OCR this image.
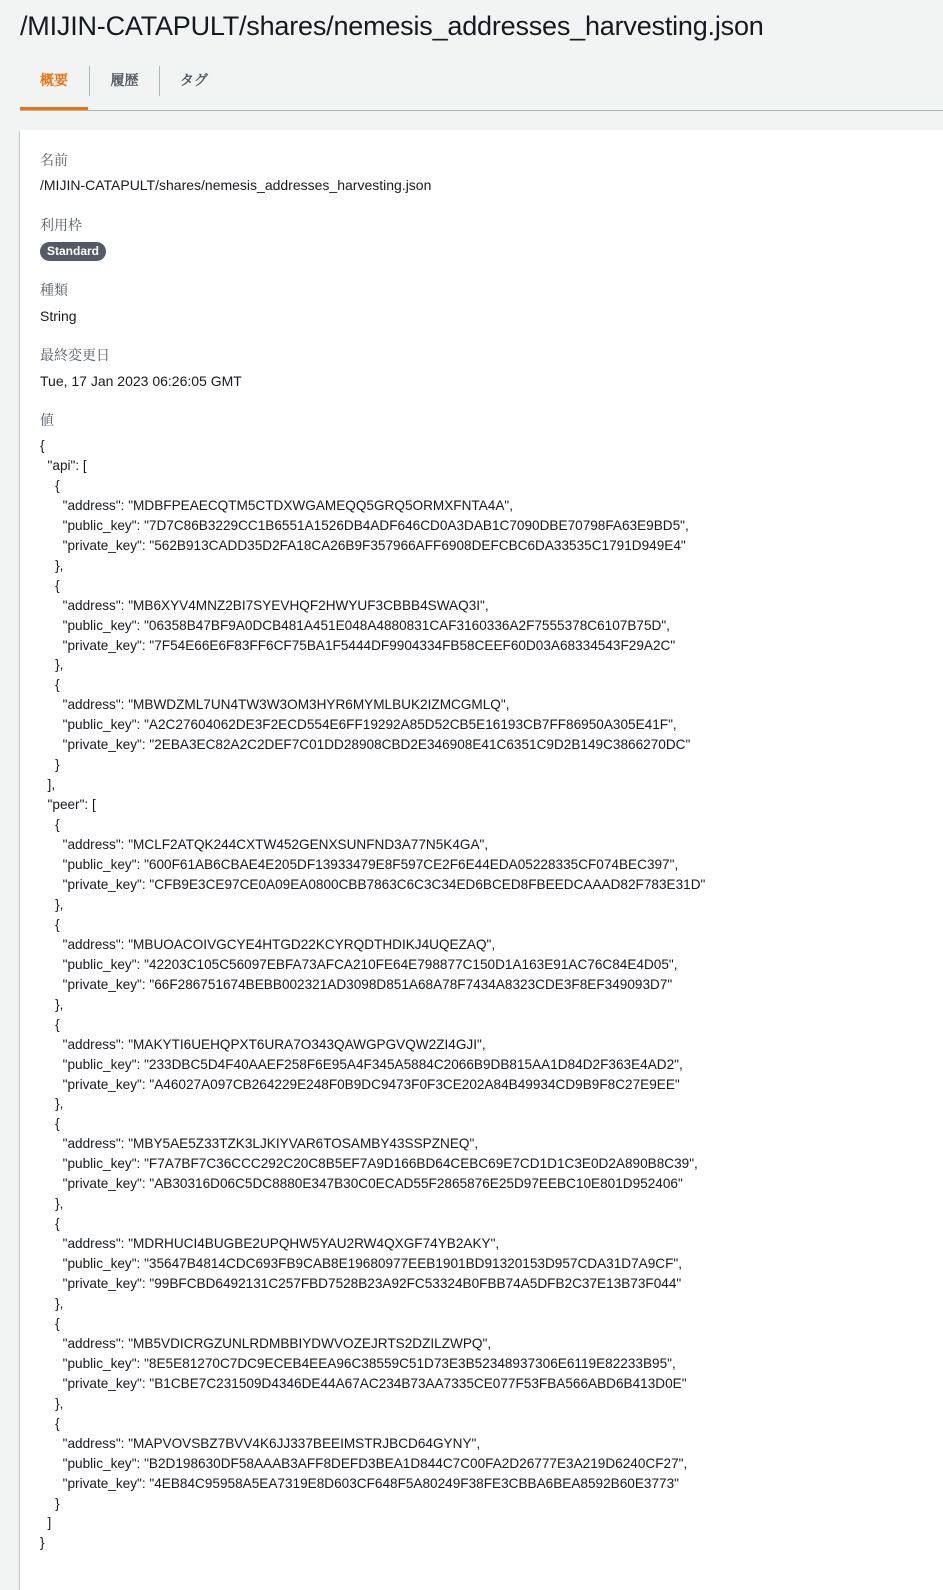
/MIJIN-CATAPULT/shares/nemesis_addresses_harvesting.json
概要	履歴	タグ
名前
/MIJIN-CATAPULT/shares/nemesis_addresses_harvesting.json
利用枠
Standard
種類
String
最終変更日
Tue, 17 Jan 2023 06:26:05 GMT
値
{
"api": [
{
"address": "MDBFPEAECQTM5CTDXWGAMEQQ5GRQ5ORMXFNTA4A",
"public_key": "7D7C86B3229CC1B6551A1526DB4ADF646CD0A3DAB1C7090DBE70798FA63E9BD5",
"private_key": "562B913CADD35D2FA18CA26B9F357966AFF6908DEFCBC6DA33535C1791D949E4"
},
{
"address": "MB6XYV4MNZ2BI7SYEVHQF2HWYUF3CBBB4SWAQ3I",
"public_key": "06358B47BF9A0DCB481A451E048A4880831CAF3160336A2F7555378C6107B75D",
"private_key": "7F54E66E6F83FF6CF75BA1F5444DF9904334FB58CEEF60D03A68334543F29A2C"
},
{
"address": "MBWDZML7UN4TW3W3OM3HYR6MYMLBUK2IZMCGMLQ",
"public_key": "A2C27604062DE3F2ECD554E6FF19292A85D52CB5E16193CB7FF86950A305E41F",
"private_key": "2EBA3EC82A2C2DEF7C01DD28908CBD2E346908E41C6351C9D2B149C3866270DC"
}
],
"peer": [
{
"address": "MCLF2ATQK244CXTW452GENXSUNFND3A77N5K4GA",
"public_key": "600F61AB6CBAE4E205DF13933479E8F597CE2F6E44EDA05228335CF074BEC397",
"private_key": "CFB9E3CE97CE0A09EA0800CBB7863C6C3C34ED6BCED8FBEEDCAAAD82F783E31D"
},
{
"address": "MBUOACOIVGCYE4HTGD22KCYRQDTHDIKJ4UQEZAQ",
"public_key": "42203C105C56097EBFA73AFCA210FE64E798877C150D1A163E91AC76C84E4D05",
"private_key": "66F286751674BEBB002321AD3098D851A68A78F7434A8323CDE3F8EF349093D7"
},
{
"address": "MAKYTI6UEHQPXT6URA7O343QAWGPGVQW2ZI4GJI",
"public_key": "233DBC5D4F40AAEF258F6E95A4F345A5884C2066B9DB815AA1D84D2F363E4AD2",
"private_key": "A46027A097CB264229E248F0B9DC9473F0F3CE202A84B49934CD9B9F8C27E9EE"
},
{
"address": "MBY5AE5Z33TZK3LJKIYVAR6TOSAMBY43SSPZNEQ",
"public_key": "F7A7BF7C36CCC292C20C8B5EF7A9D166BD64CEBC69E7CD1D1C3E0D2A890B8C39",
"private_key": "AB30316D06C5DC8880E347B30C0ECAD55F2865876E25D97EEBC10E801D952406"
},
{
"address": "MDRHUCI4BUGBE2UPQHW5YAU2RW4QXGF74YB2AKY",
"public_key": "35647B4814CDC693FB9CAB8E19680977EEB1901BD91320153D957CDA31D7A9CF",
"private_key": "99BFCBD6492131C257FBD7528B23A92FC53324B0FBB74A5DFB2C37E13B73F044"
},
{
"address": "MB5VDICRGZUNLRDMBBIYDWVOZEJRTS2DZILZWPQ",
"public_key": "8E5E81270C7DC9ECEB4EEA96C38559C51D73E3B52348937306E6119E82233B95",
"private_key": "B1CBE7C231509D4346DE44A67AC234B73AA7335CE077F53FBA566ABD6B413D0E"
},
{
"address": "MAPVOVSBZ7BVV4K6JJ337BEEIMSTRJBCD64GYNY",
"public_key": "B2D198630DF58AAAB3AFF8DEFD3BEA1D844C7C00FA2D26777E3A219D6240CF27",
"private_key": "4EB84C95958A5EA7319E8D603CF648F5A80249F38FE3CBBA6BEA8592B60E3773"
}
]
}
